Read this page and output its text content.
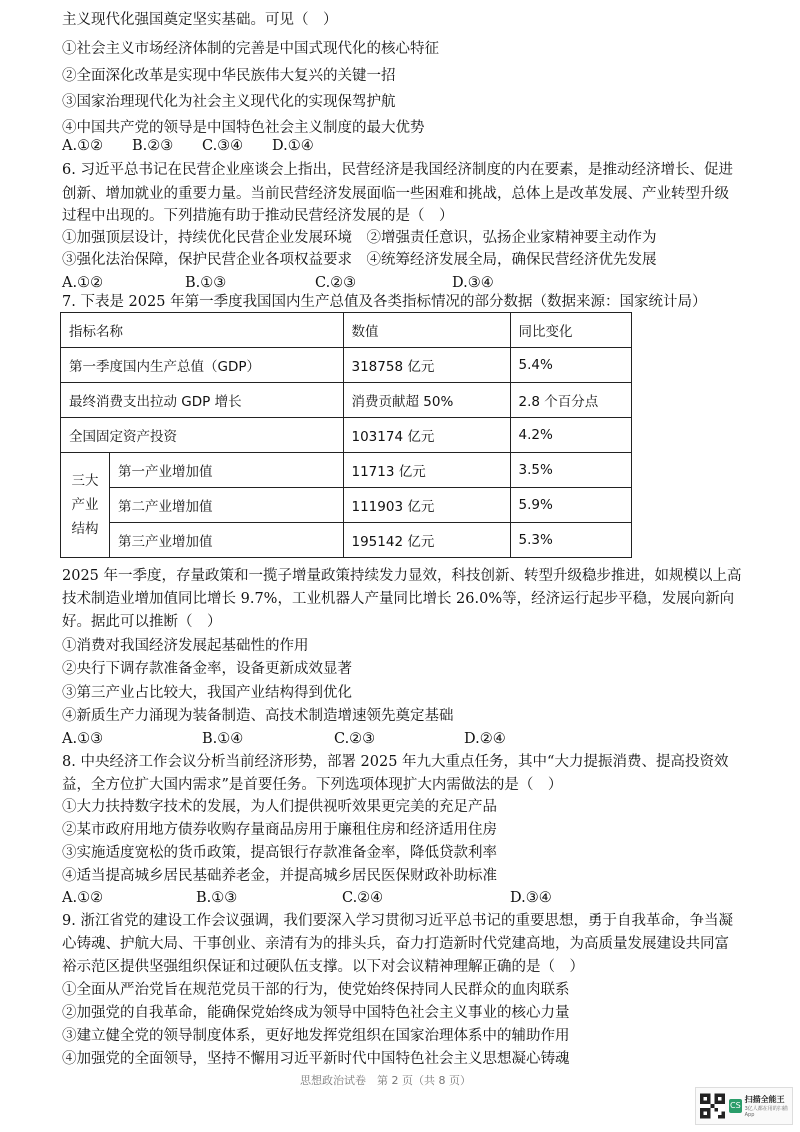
主义现代化强国奠定坚实基础。可见（　）
①社会主义市场经济体制的完善是中国式现代化的核心特征
②全面深化改革是实现中华民族伟大复兴的关键一招
③国家治理现代化为社会主义现代化的实现保驾护航
④中国共产党的领导是中国特色社会主义制度的最大优势
A.①② B.②③ C.③④ D.①④
6. 习近平总书记在民营企业座谈会上指出，民营经济是我国经济制度的内在要素，是推动经济增长、促进
创新、增加就业的重要力量。当前民营经济发展面临一些困难和挑战，总体上是改革发展、产业转型升级
过程中出现的。下列措施有助于推动民营经济发展的是（　）
①加强顶层设计，持续优化民营企业发展环境　②增强责任意识，弘扬企业家精神要主动作为
③强化法治保障，保护民营企业各项权益要求　④统筹经济发展全局，确保民营经济优先发展
A.①②	B.①③	C.②③	D.③④
7. 下表是 2025 年第一季度我国国内生产总值及各类指标情况的部分数据（数据来源：国家统计局）
指标名称		数值	同比变化
第一季度国内生产总值（GDP）		318758 亿元	5.4%
最终消费支出拉动 GDP 增长		消费贡献超 50%	2.8 个百分点
全国固定资产投资		103174 亿元	4.2%

三大
产业
结构	第一产业增加值	11713 亿元	3.5%
	第二产业增加值	111903 亿元	5.9%
	第三产业增加值	195142 亿元	5.3%
2025 年一季度，存量政策和一揽子增量政策持续发力显效，科技创新、转型升级稳步推进，如规模以上高
技术制造业增加值同比增长 9.7%，工业机器人产量同比增长 26.0%等，经济运行起步平稳，发展向新向
好。据此可以推断（　）
①消费对我国经济发展起基础性的作用
②央行下调存款准备金率，设备更新成效显著
③第三产业占比较大，我国产业结构得到优化
④新质生产力涌现为装备制造、高技术制造增速领先奠定基础
A.①③	B.①④	C.②③	D.②④
8. 中央经济工作会议分析当前经济形势，部署 2025 年九大重点任务，其中“大力提振消费、提高投资效
益，全方位扩大国内需求”是首要任务。下列选项体现扩大内需做法的是（　）
①大力扶持数字技术的发展，为人们提供视听效果更完美的充足产品
②某市政府用地方债券收购存量商品房用于廉租住房和经济适用住房
③实施适度宽松的货币政策，提高银行存款准备金率，降低贷款利率
④适当提高城乡居民基础养老金，并提高城乡居民医保财政补助标准
A.①②	B.①③	C.②④	D.③④
9. 浙江省党的建设工作会议强调，我们要深入学习贯彻习近平总书记的重要思想，勇于自我革命，争当凝
心铸魂、护航大局、干事创业、亲清有为的排头兵，奋力打造新时代党建高地，为高质量发展建设共同富
裕示范区提供坚强组织保证和过硬队伍支撑。以下对会议精神理解正确的是（　）
①全面从严治党旨在规范党员干部的行为，使党始终保持同人民群众的血肉联系
②加强党的自我革命，能确保党始终成为领导中国特色社会主义事业的核心力量
③建立健全党的领导制度体系，更好地发挥党组织在国家治理体系中的辅助作用
④加强党的全面领导，坚持不懈用习近平新时代中国特色社会主义思想凝心铸魂
思想政治试卷　第 2 页（共 8 页）
CS
扫描全能王
3亿人都在用的扫描App
